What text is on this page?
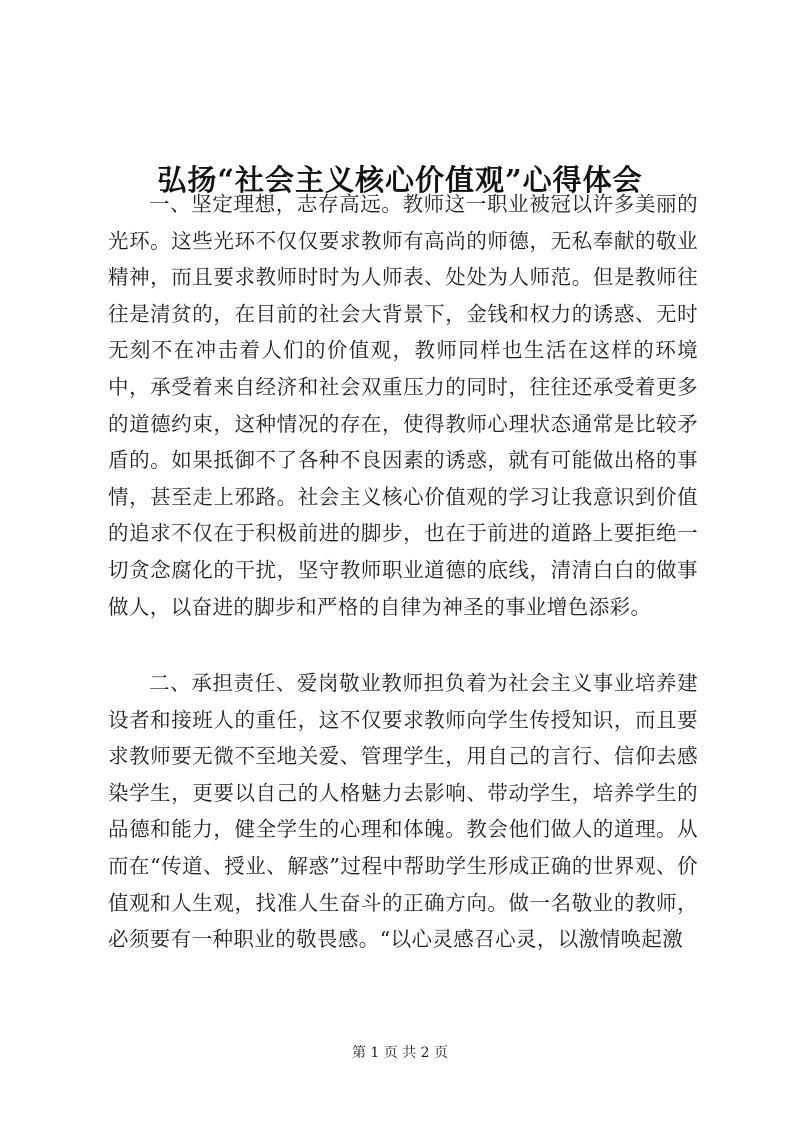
弘扬“社会主义核心价值观”心得体会

一、坚定理想，志存高远。教师这一职业被冠以许多美丽的光环。这些光环不仅仅要求教师有高尚的师德，无私奉献的敬业精神，而且要求教师时时为人师表、处处为人师范。但是教师往往是清贫的，在目前的社会大背景下，金钱和权力的诱惑、无时无刻不在冲击着人们的价值观，教师同样也生活在这样的环境中，承受着来自经济和社会双重压力的同时，往往还承受着更多的道德约束，这种情况的存在，使得教师心理状态通常是比较矛盾的。如果抵御不了各种不良因素的诱惑，就有可能做出格的事情，甚至走上邪路。社会主义核心价值观的学习让我意识到价值的追求不仅在于积极前进的脚步，也在于前进的道路上要拒绝一切贪念腐化的干扰，坚守教师职业道德的底线，清清白白的做事做人，以奋进的脚步和严格的自律为神圣的事业增色添彩。

二、承担责任、爱岗敬业教师担负着为社会主义事业培养建设者和接班人的重任，这不仅要求教师向学生传授知识，而且要求教师要无微不至地关爱、管理学生，用自己的言行、信仰去感染学生，更要以自己的人格魅力去影响、带动学生，培养学生的品德和能力，健全学生的心理和体魄。教会他们做人的道理。从而在“传道、授业、解惑”过程中帮助学生形成正确的世界观、价值观和人生观，找准人生奋斗的正确方向。做一名敬业的教师，必须要有一种职业的敬畏感。“以心灵感召心灵，以激情唤起激

第 1 页 共 2 页
